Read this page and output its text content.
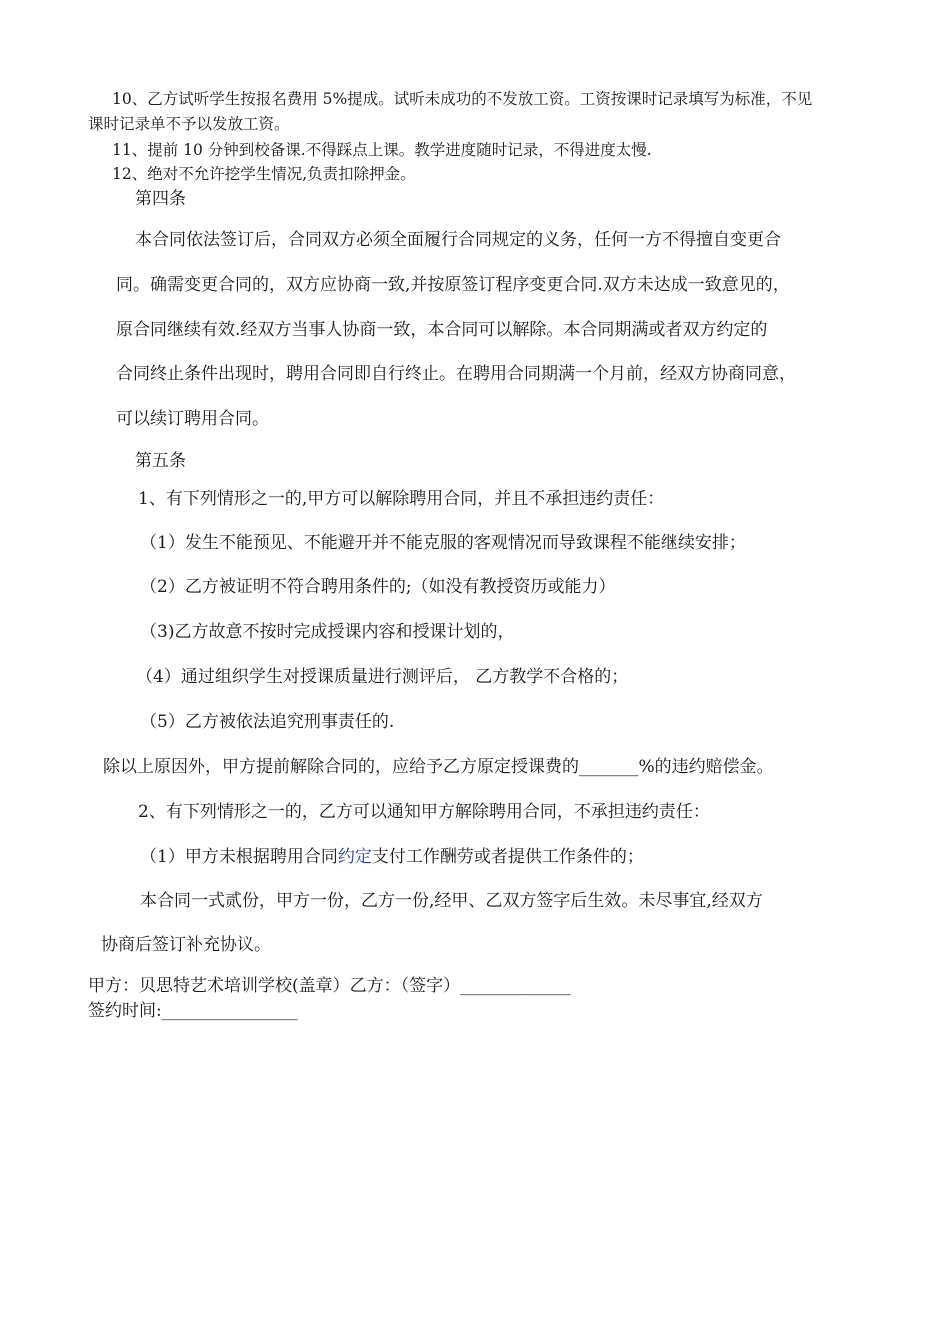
10、乙方试听学生按报名费用 5%提成。试听未成功的不发放工资。工资按课时记录填写为标准，不见

课时记录单不予以发放工资。

11、提前 10 分钟到校备课.不得踩点上课。教学进度随时记录，不得进度太慢.

12、绝对不允许挖学生情况,负责扣除押金。

第四条

本合同依法签订后，合同双方必须全面履行合同规定的义务，任何一方不得擅自变更合

同。确需变更合同的，双方应协商一致,并按原签订程序变更合同.双方未达成一致意见的，

原合同继续有效.经双方当事人协商一致，本合同可以解除。本合同期满或者双方约定的

合同终止条件出现时，聘用合同即自行终止。在聘用合同期满一个月前，经双方协商同意，

可以续订聘用合同。

第五条

1、有下列情形之一的,甲方可以解除聘用合同，并且不承担违约责任：

（1）发生不能预见、不能避开并不能克服的客观情况而导致课程不能继续安排；

（2）乙方被证明不符合聘用条件的;（如没有教授资历或能力）

（3)乙方故意不按时完成授课内容和授课计划的，

（4）通过组织学生对授课质量进行测评后， 乙方教学不合格的；

（5）乙方被依法追究刑事责任的.

除以上原因外，甲方提前解除合同的，应给予乙方原定授课费的_______%的违约赔偿金。

2、有下列情形之一的，乙方可以通知甲方解除聘用合同，不承担违约责任：

（1）甲方未根据聘用合同约定支付工作酬劳或者提供工作条件的；

本合同一式贰份，甲方一份，乙方一份,经甲、乙双方签字后生效。未尽事宜,经双方

协商后签订补充协议。

甲方：贝思特艺术培训学校(盖章）乙方：（签字）_____________

签约时间:________________
